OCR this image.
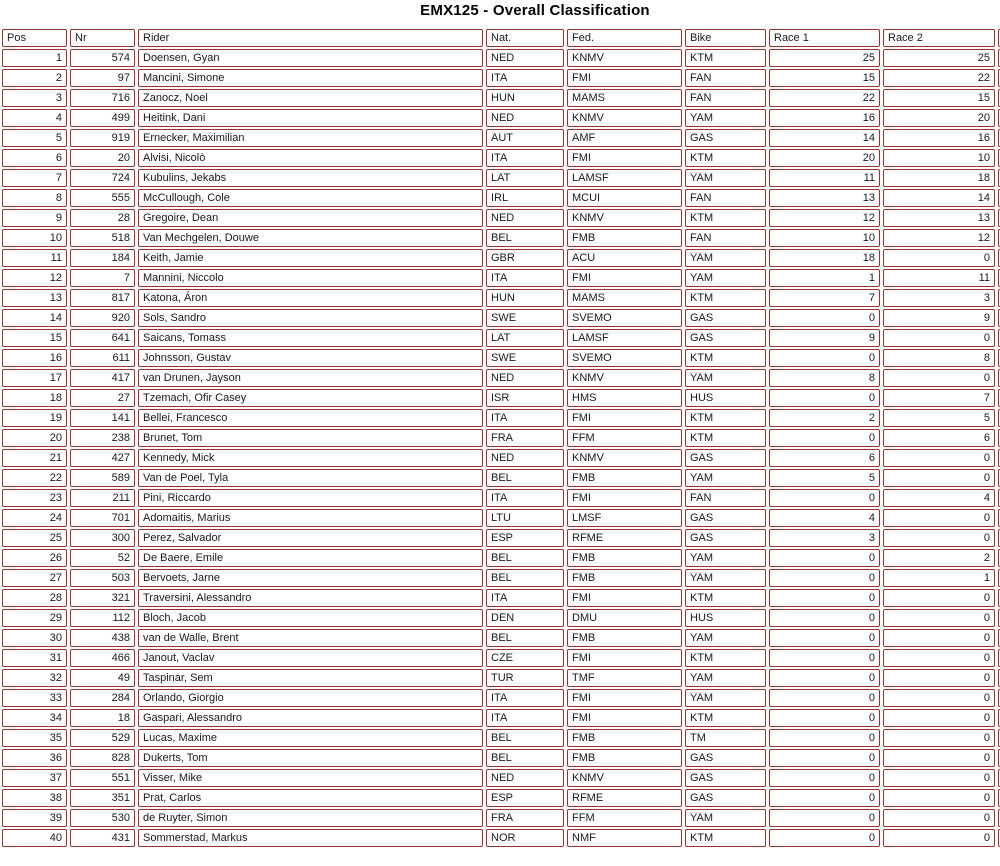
EMX125 - Overall Classification
Pos	Nr	Rider	Nat.	Fed.	Bike	Race 1	Race 2
1	574	Doensen, Gyan	NED	KNMV	KTM	25	25
2	97	Mancini, Simone	ITA	FMI	FAN	15	22
3	716	Zanocz, Noel	HUN	MAMS	FAN	22	15
4	499	Heitink, Dani	NED	KNMV	YAM	16	20
5	919	Ernecker, Maximilian	AUT	AMF	GAS	14	16
6	20	Alvisi, Nicolò	ITA	FMI	KTM	20	10
7	724	Kubulins, Jekabs	LAT	LAMSF	YAM	11	18
8	555	McCullough, Cole	IRL	MCUI	FAN	13	14
9	28	Gregoire, Dean	NED	KNMV	KTM	12	13
10	518	Van Mechgelen, Douwe	BEL	FMB	FAN	10	12
11	184	Keith, Jamie	GBR	ACU	YAM	18	0
12	7	Mannini, Niccolo	ITA	FMI	YAM	1	11
13	817	Katona, Áron	HUN	MAMS	KTM	7	3
14	920	Sols, Sandro	SWE	SVEMO	GAS	0	9
15	641	Saicans, Tomass	LAT	LAMSF	GAS	9	0
16	611	Johnsson, Gustav	SWE	SVEMO	KTM	0	8
17	417	van Drunen, Jayson	NED	KNMV	YAM	8	0
18	27	Tzemach, Ofir Casey	ISR	HMS	HUS	0	7
19	141	Bellei, Francesco	ITA	FMI	KTM	2	5
20	238	Brunet, Tom	FRA	FFM	KTM	0	6
21	427	Kennedy, Mick	NED	KNMV	GAS	6	0
22	589	Van de Poel, Tyla	BEL	FMB	YAM	5	0
23	211	Pini, Riccardo	ITA	FMI	FAN	0	4
24	701	Adomaitis, Marius	LTU	LMSF	GAS	4	0
25	300	Perez, Salvador	ESP	RFME	GAS	3	0
26	52	De Baere, Emile	BEL	FMB	YAM	0	2
27	503	Bervoets, Jarne	BEL	FMB	YAM	0	1
28	321	Traversini, Alessandro	ITA	FMI	KTM	0	0
29	112	Bloch, Jacob	DEN	DMU	HUS	0	0
30	438	van de Walle, Brent	BEL	FMB	YAM	0	0
31	466	Janout, Vaclav	CZE	FMI	KTM	0	0
32	49	Taspinar, Sem	TUR	TMF	YAM	0	0
33	284	Orlando, Giorgio	ITA	FMI	YAM	0	0
34	18	Gaspari, Alessandro	ITA	FMI	KTM	0	0
35	529	Lucas, Maxime	BEL	FMB	TM	0	0
36	828	Dukerts, Tom	BEL	FMB	GAS	0	0
37	551	Visser, Mike	NED	KNMV	GAS	0	0
38	351	Prat, Carlos	ESP	RFME	GAS	0	0
39	530	de Ruyter, Simon	FRA	FFM	YAM	0	0
40	431	Sommerstad, Markus	NOR	NMF	KTM	0	0
